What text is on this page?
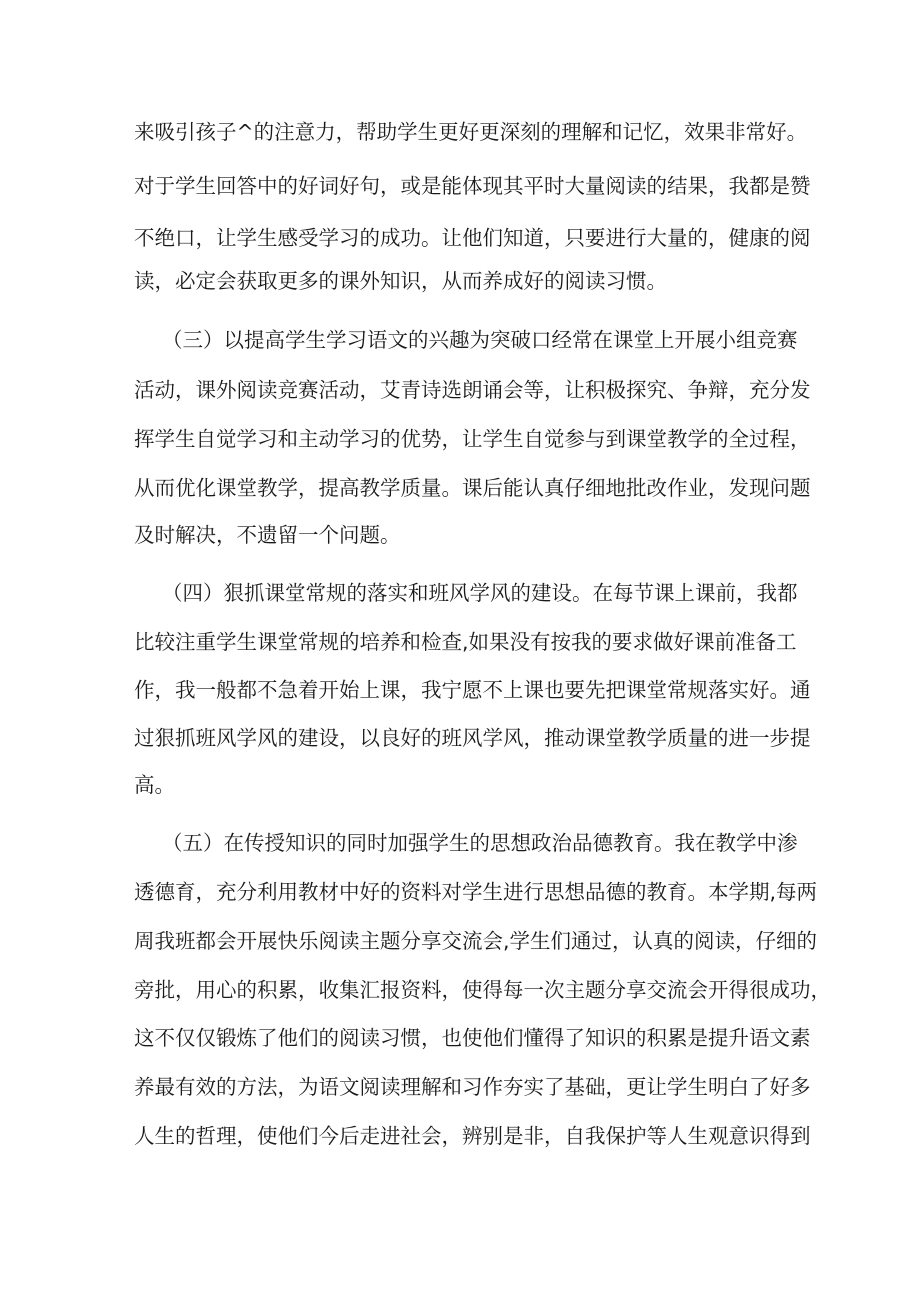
来吸引孩子^的注意力，帮助学生更好更深刻的理解和记忆，效果非常好。

对于学生回答中的好词好句，或是能体现其平时大量阅读的结果，我都是赞

不绝口，让学生感受学习的成功。让他们知道，只要进行大量的，健康的阅

读，必定会获取更多的课外知识，从而养成好的阅读习惯。

（三）以提高学生学习语文的兴趣为突破口经常在课堂上开展小组竞赛

活动，课外阅读竞赛活动，艾青诗选朗诵会等，让积极探究、争辩，充分发

挥学生自觉学习和主动学习的优势，让学生自觉参与到课堂教学的全过程，

从而优化课堂教学，提高教学质量。课后能认真仔细地批改作业，发现问题

及时解决，不遗留一个问题。

（四）狠抓课堂常规的落实和班风学风的建设。在每节课上课前，我都

比较注重学生课堂常规的培养和检查,如果没有按我的要求做好课前准备工

作，我一般都不急着开始上课，我宁愿不上课也要先把课堂常规落实好。通

过狠抓班风学风的建设，以良好的班风学风，推动课堂教学质量的进一步提

高。

（五）在传授知识的同时加强学生的思想政治品德教育。我在教学中渗

透德育，充分利用教材中好的资料对学生进行思想品德的教育。本学期,每两

周我班都会开展快乐阅读主题分享交流会,学生们通过，认真的阅读，仔细的

旁批，用心的积累，收集汇报资料，使得每一次主题分享交流会开得很成功，

这不仅仅锻炼了他们的阅读习惯，也使他们懂得了知识的积累是提升语文素

养最有效的方法，为语文阅读理解和习作夯实了基础，更让学生明白了好多

人生的哲理，使他们今后走进社会，辨别是非，自我保护等人生观意识得到
